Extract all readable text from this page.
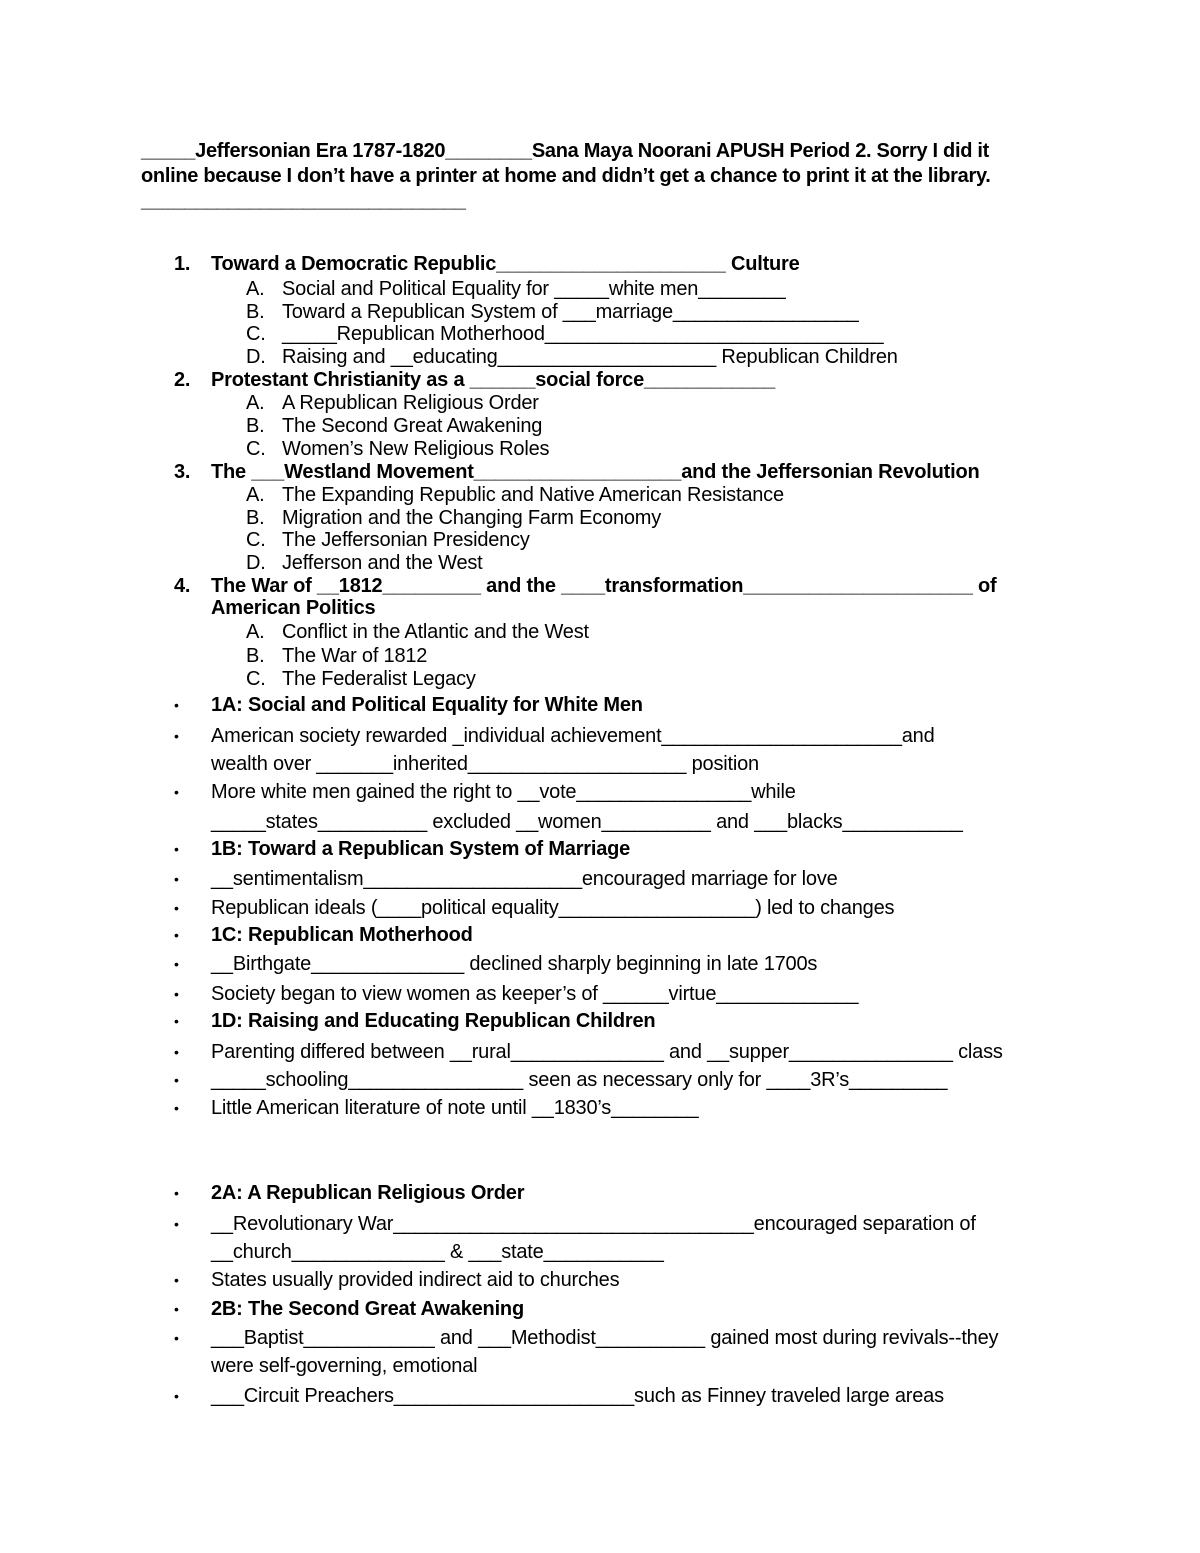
_____Jeffersonian Era 1787-1820________Sana Maya Noorani APUSH Period 2. Sorry I did it
online because I don’t have a printer at home and didn’t get a chance to print it at the library.
______________________________
1. Toward a Democratic Republic_____________________ Culture
A. Social and Political Equality for _____white men________
B. Toward a Republican System of ___marriage_________________
C. _____Republican Motherhood_______________________________
D. Raising and __educating____________________ Republican Children
2. Protestant Christianity as a ______social force____________
A. A Republican Religious Order
B. The Second Great Awakening
C. Women’s New Religious Roles
3. The ___Westland Movement___________________and the Jeffersonian Revolution
A. The Expanding Republic and Native American Resistance
B. Migration and the Changing Farm Economy
C. The Jeffersonian Presidency
D. Jefferson and the West
4. The War of __1812_________ and the ____transformation_____________________ of
American Politics
A. Conflict in the Atlantic and the West
B. The War of 1812
C. The Federalist Legacy
• 1A: Social and Political Equality for White Men
• American society rewarded _individual achievement______________________and
wealth over _______inherited____________________ position
• More white men gained the right to __vote________________while
_____states__________ excluded __women__________ and ___blacks___________
• 1B: Toward a Republican System of Marriage
• __sentimentalism____________________encouraged marriage for love
• Republican ideals (____political equality__________________) led to changes
• 1C: Republican Motherhood
• __Birthgate______________ declined sharply beginning in late 1700s
• Society began to view women as keeper’s of ______virtue_____________
• 1D: Raising and Educating Republican Children
• Parenting differed between __rural______________ and __supper_______________ class
• _____schooling________________ seen as necessary only for ____3R’s_________
• Little American literature of note until __1830’s________
• 2A: A Republican Religious Order
• __Revolutionary War_________________________________encouraged separation of
__church______________ & ___state___________
• States usually provided indirect aid to churches
• 2B: The Second Great Awakening
• ___Baptist____________ and ___Methodist__________ gained most during revivals--they
were self-governing, emotional
• ___Circuit Preachers______________________such as Finney traveled large areas
